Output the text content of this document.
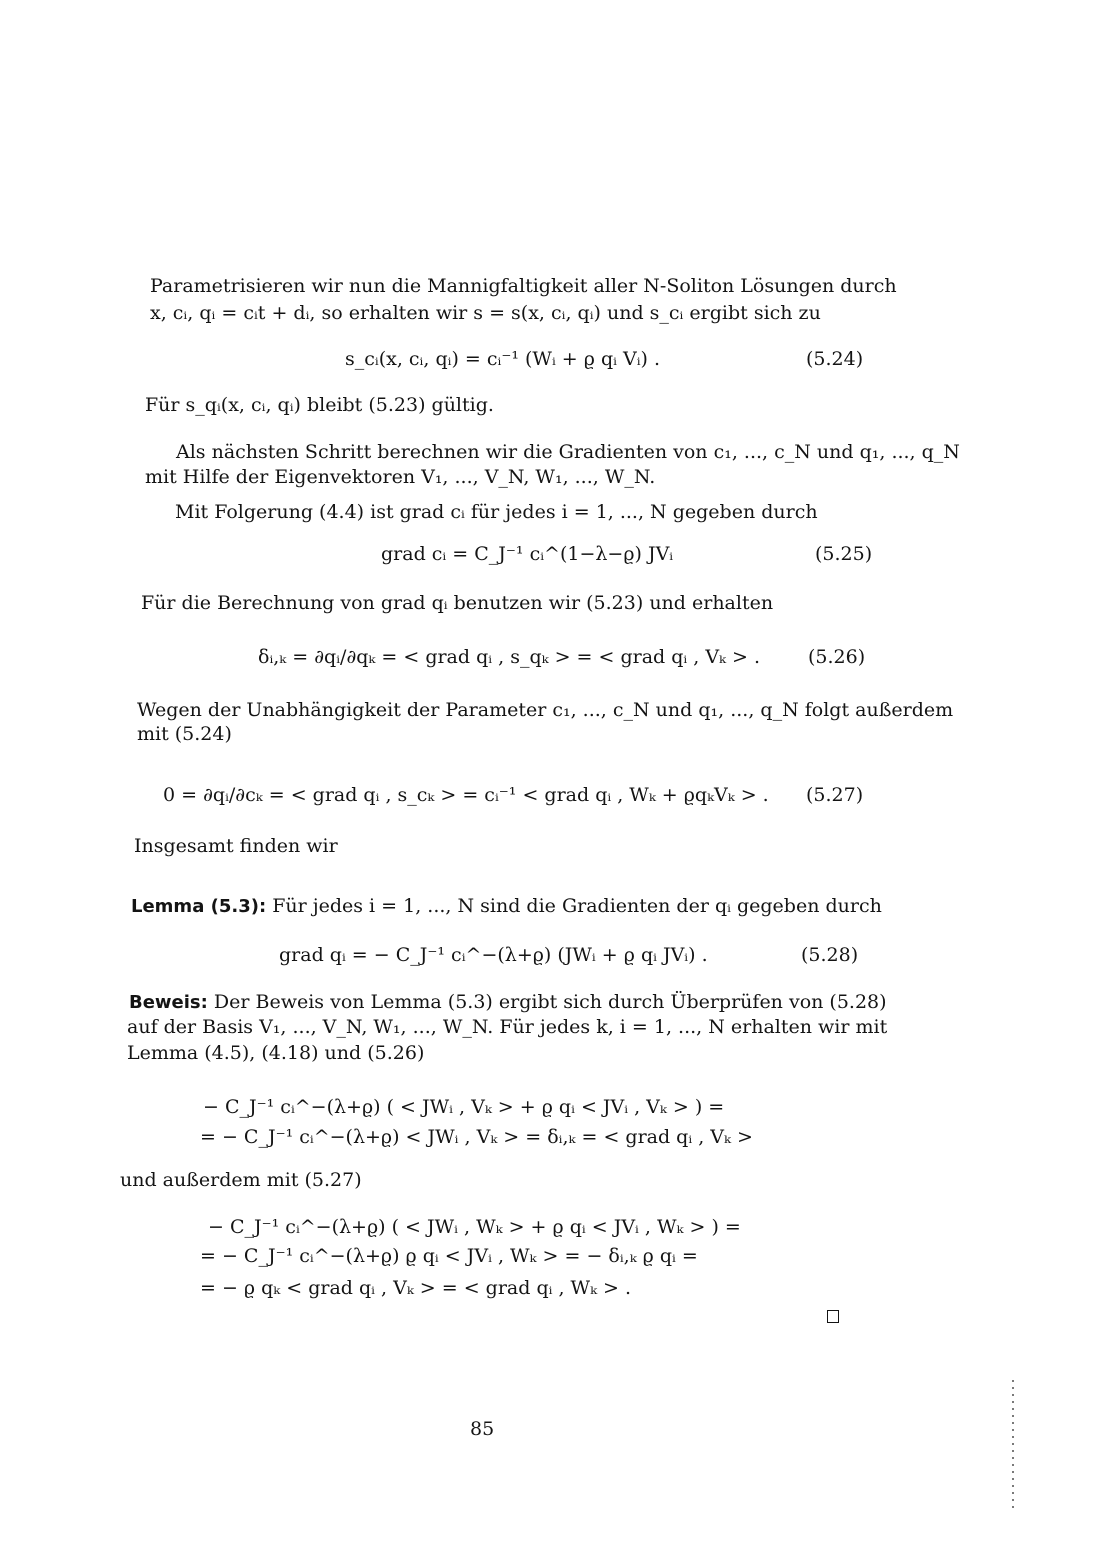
Parametrisieren wir nun die Mannigfaltigkeit aller N-Soliton Lösungen durch
x, cᵢ, qᵢ = cᵢt + dᵢ, so erhalten wir s = s(x, cᵢ, qᵢ) und s_cᵢ ergibt sich zu
s_cᵢ(x, cᵢ, qᵢ) = cᵢ⁻¹ (Wᵢ + ϱ qᵢ Vᵢ) .	(5.24)
Für s_qᵢ(x, cᵢ, qᵢ) bleibt (5.23) gültig.
Als nächsten Schritt berechnen wir die Gradienten von c₁, ..., c_N und q₁, ..., q_N
mit Hilfe der Eigenvektoren V₁, ..., V_N, W₁, ..., W_N.
Mit Folgerung (4.4) ist grad cᵢ für jedes i = 1, ..., N gegeben durch
grad cᵢ = C_J⁻¹ cᵢ^(1−λ−ϱ) JVᵢ	(5.25)
Für die Berechnung von grad qᵢ benutzen wir (5.23) und erhalten
δᵢ,ₖ = ∂qᵢ/∂qₖ = < grad qᵢ , s_qₖ > = < grad qᵢ , Vₖ > .	(5.26)
Wegen der Unabhängigkeit der Parameter c₁, ..., c_N und q₁, ..., q_N folgt außerdem
mit (5.24)
0 = ∂qᵢ/∂cₖ = < grad qᵢ , s_cₖ > = cᵢ⁻¹ < grad qᵢ , Wₖ + ϱqₖVₖ > . (5.27)
Insgesamt finden wir
Lemma (5.3): Für jedes i = 1, ..., N sind die Gradienten der qᵢ gegeben durch
grad qᵢ = − C_J⁻¹ cᵢ^−(λ+ϱ) (JWᵢ + ϱ qᵢ JVᵢ) .	(5.28)
Beweis: Der Beweis von Lemma (5.3) ergibt sich durch Überprüfen von (5.28)
auf der Basis V₁, ..., V_N, W₁, ..., W_N. Für jedes k, i = 1, ..., N erhalten wir mit
Lemma (4.5), (4.18) und (5.26)
− C_J⁻¹ cᵢ^−(λ+ϱ) ( < JWᵢ , Vₖ > + ϱ qᵢ < JVᵢ , Vₖ > ) =
= − C_J⁻¹ cᵢ^−(λ+ϱ) < JWᵢ , Vₖ > = δᵢ,ₖ = < grad qᵢ , Vₖ >
und außerdem mit (5.27)
− C_J⁻¹ cᵢ^−(λ+ϱ) ( < JWᵢ , Wₖ > + ϱ qᵢ < JVᵢ , Wₖ > ) =
= − C_J⁻¹ cᵢ^−(λ+ϱ) ϱ qᵢ < JVᵢ , Wₖ > = − δᵢ,ₖ ϱ qᵢ =
= − ϱ qₖ < grad qᵢ , Vₖ > = < grad qᵢ , Wₖ > .
85
